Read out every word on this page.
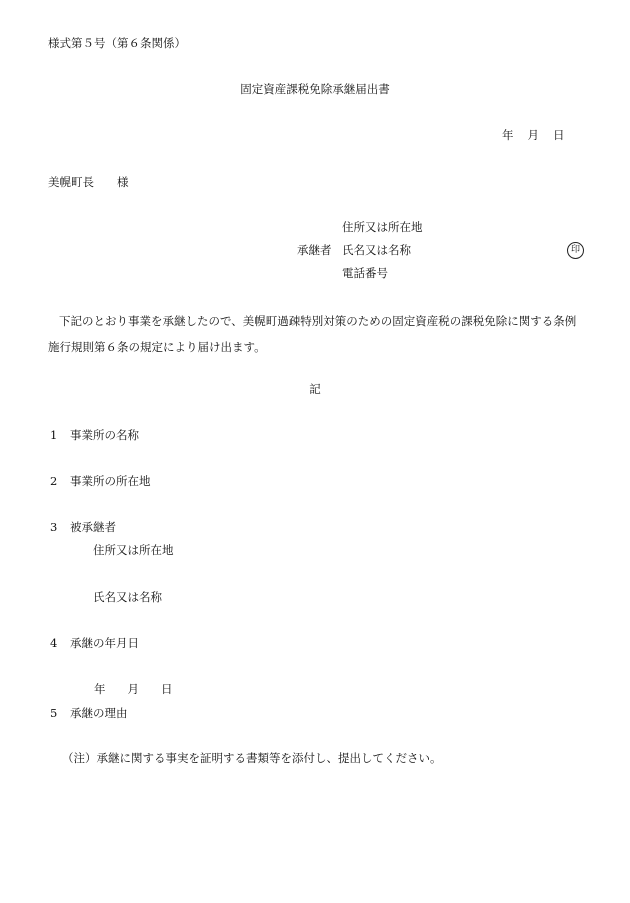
様式第５号（第６条関係）
固定資産課税免除承継届出書
年 月 日
美幌町長　　様
住所又は所在地
承継者 氏名又は名称	印
電話番号
下記のとおり事業を承継したので、美幌町過疎特別対策のための固定資産税の課税免除に関する条例施行規則第６条の規定により届け出ます。
記
1 事業所の名称
2 事業所の所在地
3 被承継者
住所又は所在地
氏名又は名称
4 承継の年月日
年 月 日
5 承継の理由
（注）承継に関する事実を証明する書類等を添付し、提出してください。
